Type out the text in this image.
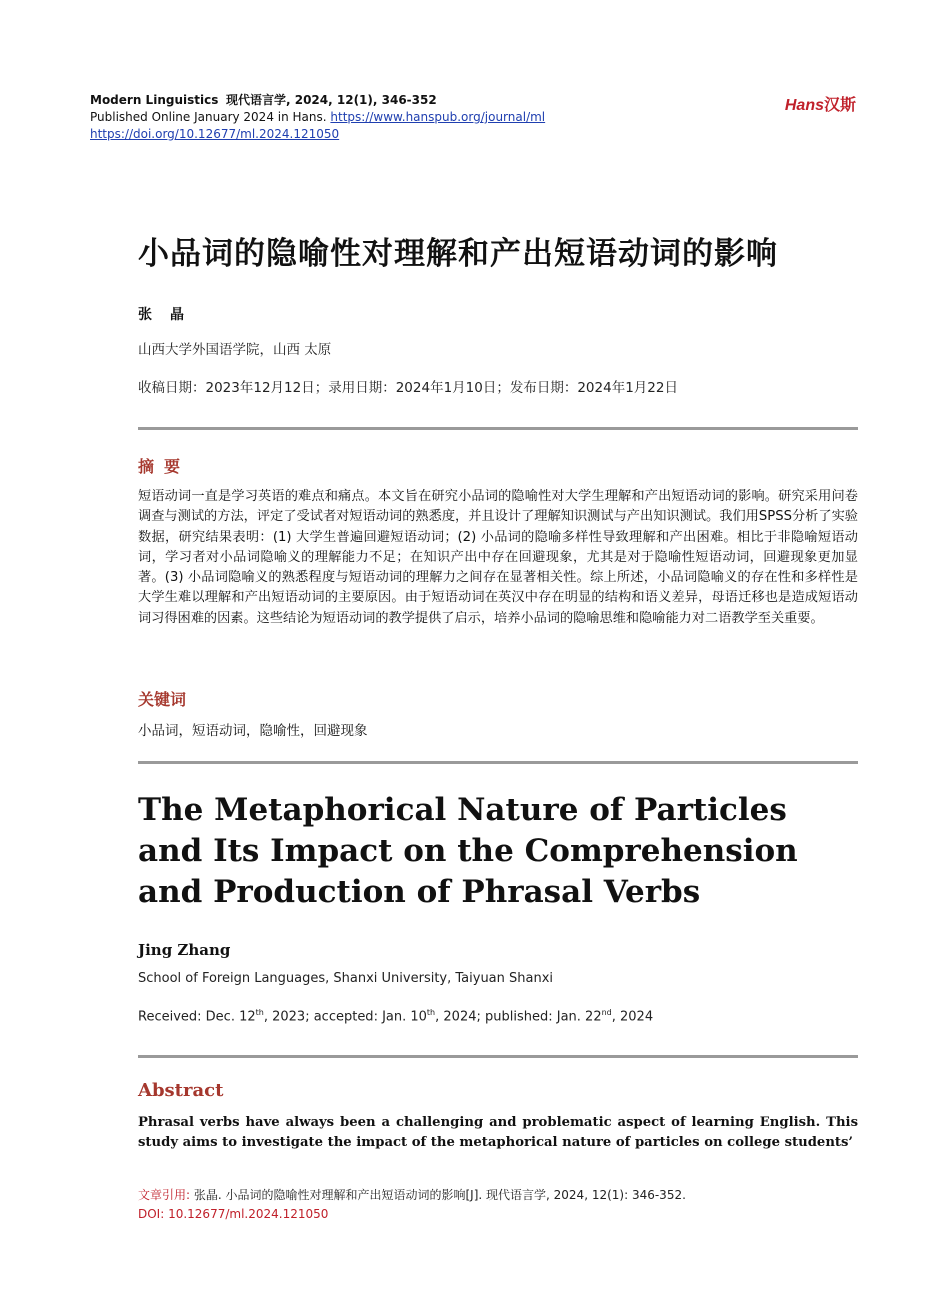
Modern Linguistics 现代语言学, 2024, 12(1), 346-352
Published Online January 2024 in Hans. https://www.hanspub.org/journal/ml
https://doi.org/10.12677/ml.2024.121050
Hans汉斯
小品词的隐喻性对理解和产出短语动词的影响
张晶
山西大学外国语学院，山西 太原
收稿日期：2023年12月12日；录用日期：2024年1月10日；发布日期：2024年1月22日
摘要
短语动词一直是学习英语的难点和痛点。本文旨在研究小品词的隐喻性对大学生理解和产出短语动词的影响。研究采用问卷调查与测试的方法，评定了受试者对短语动词的熟悉度，并且设计了理解知识测试与产出知识测试。我们用SPSS分析了实验数据，研究结果表明：(1) 大学生普遍回避短语动词；(2) 小品词的隐喻多样性导致理解和产出困难。相比于非隐喻短语动词，学习者对小品词隐喻义的理解能力不足；在知识产出中存在回避现象，尤其是对于隐喻性短语动词，回避现象更加显著。(3) 小品词隐喻义的熟悉程度与短语动词的理解力之间存在显著相关性。综上所述，小品词隐喻义的存在性和多样性是大学生难以理解和产出短语动词的主要原因。由于短语动词在英汉中存在明显的结构和语义差异，母语迁移也是造成短语动词习得困难的因素。这些结论为短语动词的教学提供了启示，培养小品词的隐喻思维和隐喻能力对二语教学至关重要。
关键词
小品词，短语动词，隐喻性，回避现象
The Metaphorical Nature of Particles and Its Impact on the Comprehension and Production of Phrasal Verbs
Jing Zhang
School of Foreign Languages, Shanxi University, Taiyuan Shanxi
Received: Dec. 12th, 2023; accepted: Jan. 10th, 2024; published: Jan. 22nd, 2024
Abstract
Phrasal verbs have always been a challenging and problematic aspect of learning English. This study aims to investigate the impact of the metaphorical nature of particles on college students’
文章引用: 张晶. 小品词的隐喻性对理解和产出短语动词的影响[J]. 现代语言学, 2024, 12(1): 346-352.
DOI: 10.12677/ml.2024.121050
